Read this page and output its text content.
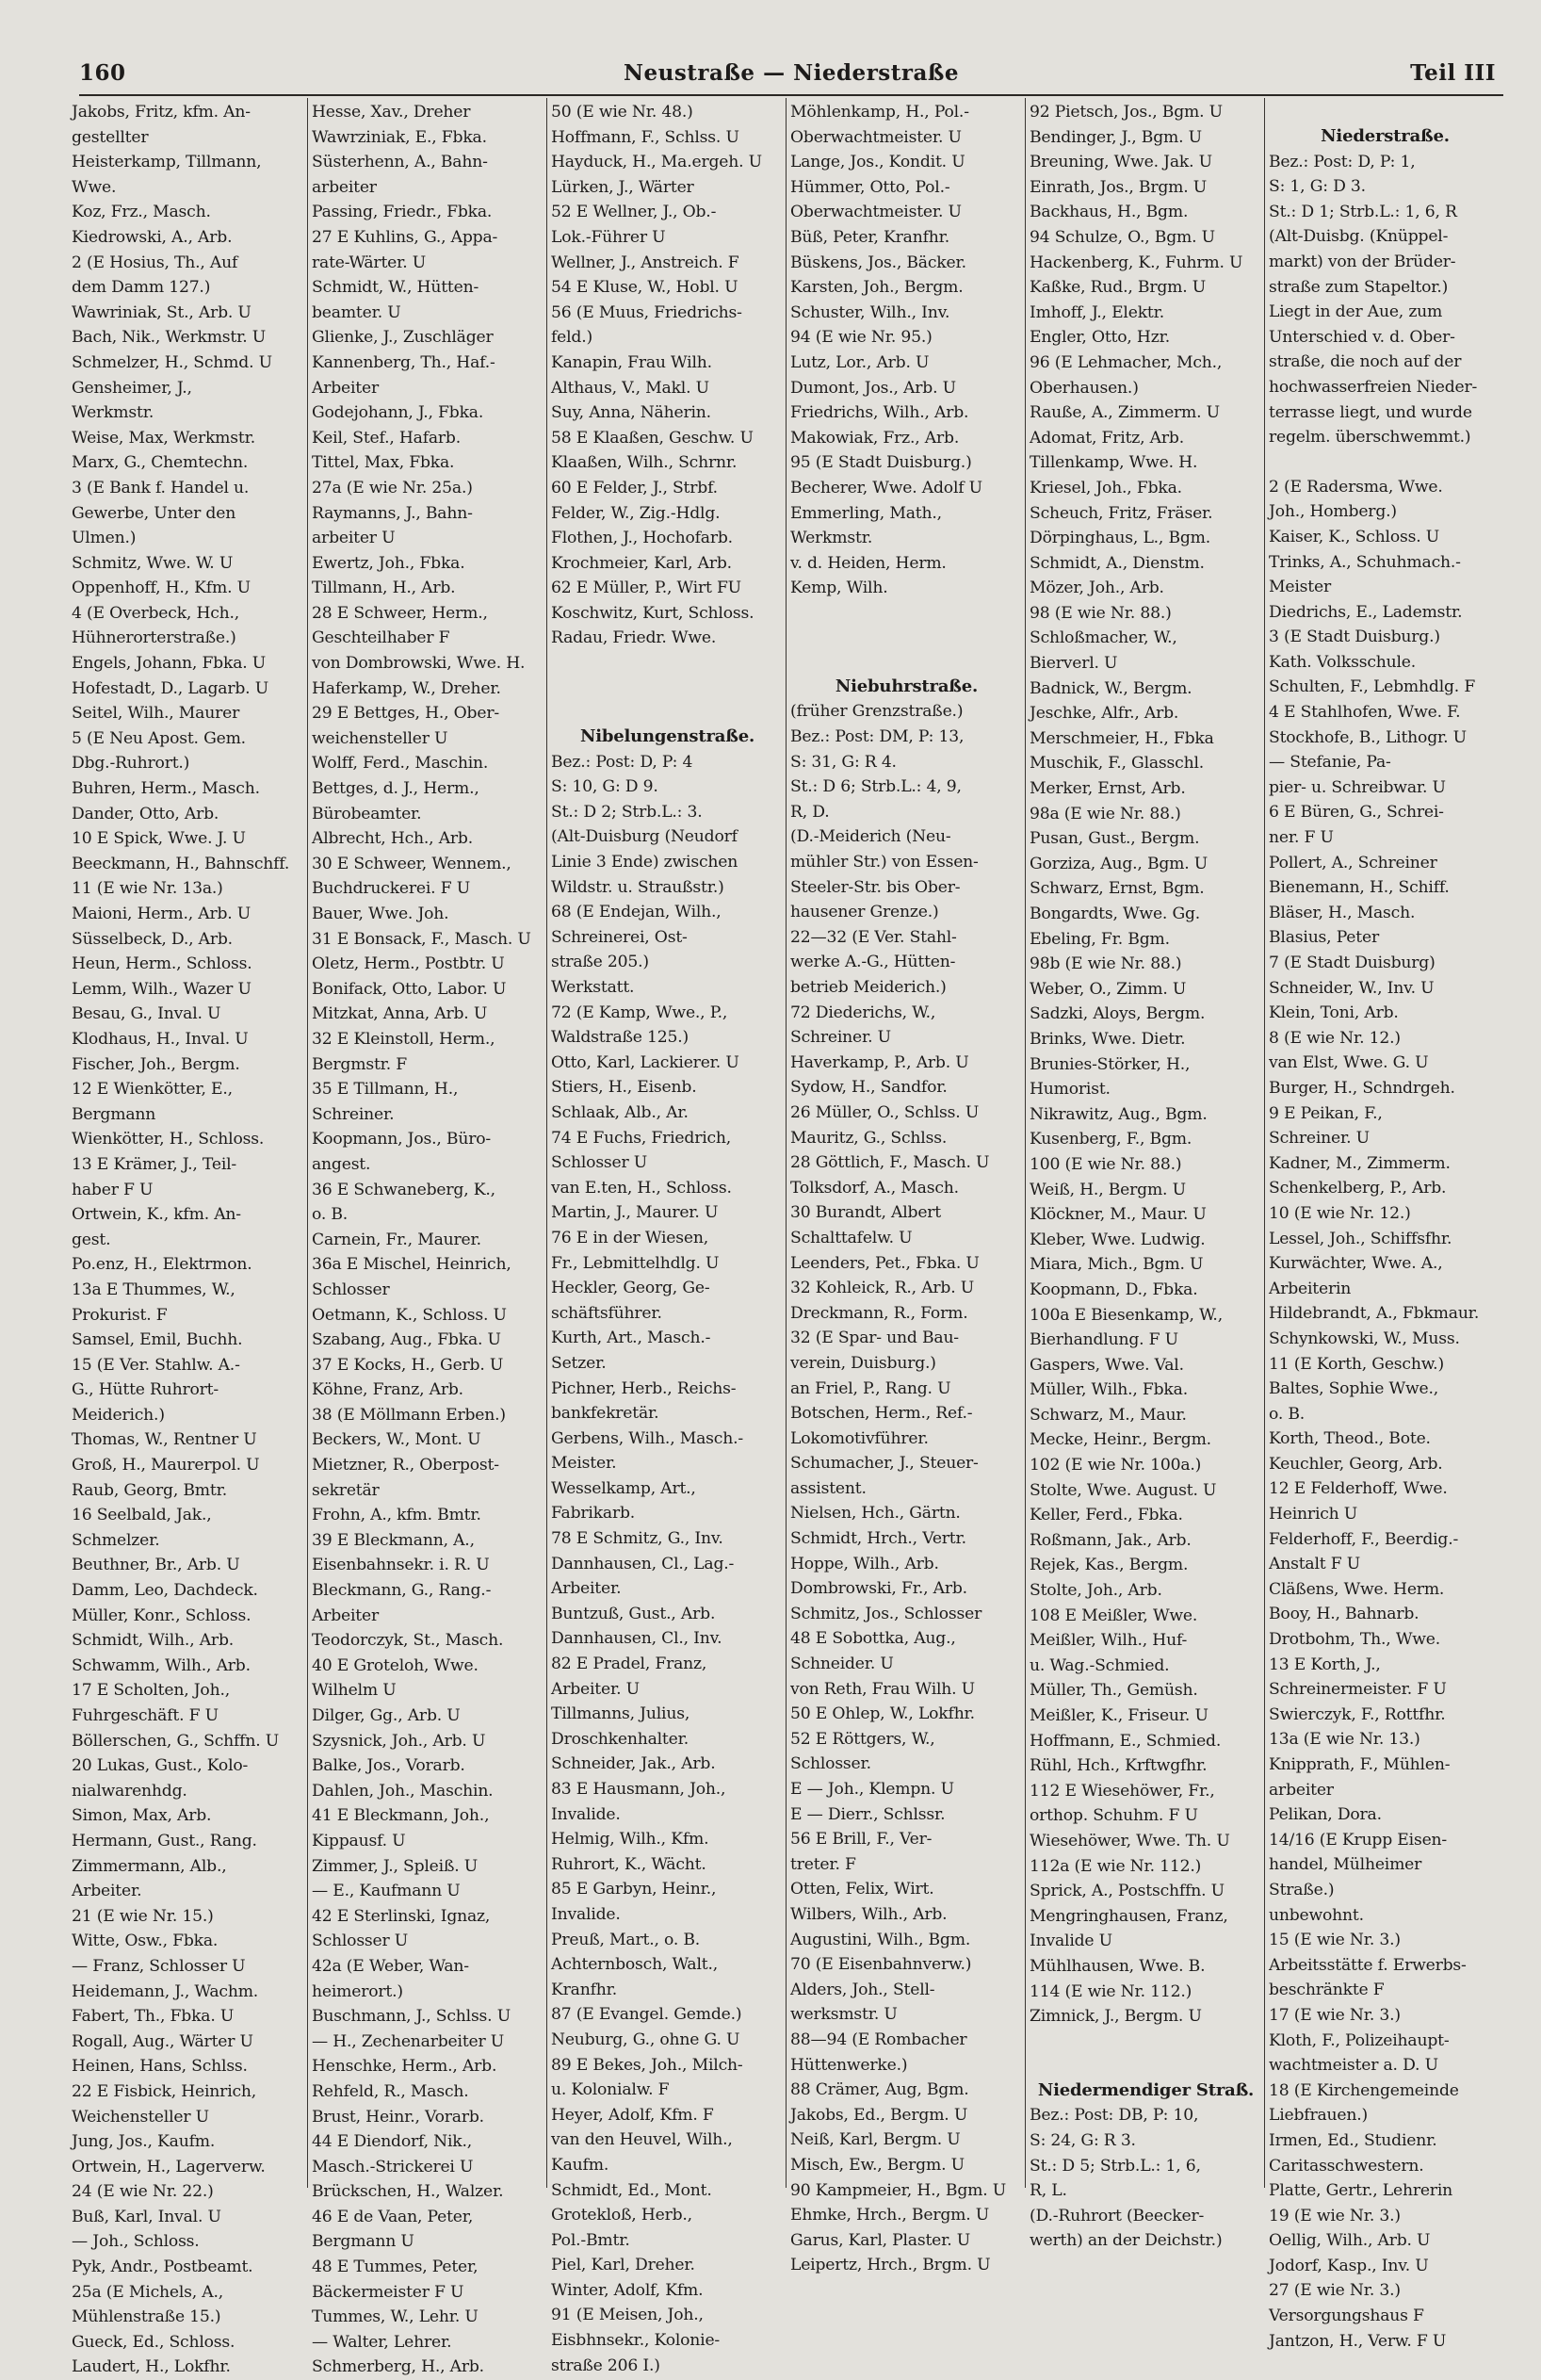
160	Neustraße — Niederstraße	Teil III
Jakobs, Fritz, kfm. An-
gestellter
Heisterkamp, Tillmann,
Wwe.
Koz, Frz., Masch.
Kiedrowski, A., Arb.
2 (E Hosius, Th., Auf
dem Damm 127.)
Wawriniak, St., Arb. U
Bach, Nik., Werkmstr. U
Schmelzer, H., Schmd. U
Gensheimer, J.,
Werkmstr.
Weise, Max, Werkmstr.
Marx, G., Chemtechn.
3 (E Bank f. Handel u.
Gewerbe, Unter den
Ulmen.)
Schmitz, Wwe. W. U
Oppenhoff, H., Kfm. U
4 (E Overbeck, Hch.,
Hühnerorterstraße.)
Engels, Johann, Fbka. U
Hofestadt, D., Lagarb. U
Seitel, Wilh., Maurer
5 (E Neu Apost. Gem.
Dbg.-Ruhrort.)
Buhren, Herm., Masch.
Dander, Otto, Arb.
10 E Spick, Wwe. J. U
Beeckmann, H., Bahnschff.
11 (E wie Nr. 13a.)
Maioni, Herm., Arb. U
Süsselbeck, D., Arb.
Heun, Herm., Schloss.
Lemm, Wilh., Wazer U
Besau, G., Inval. U
Klodhaus, H., Inval. U
Fischer, Joh., Bergm.
12 E Wienkötter, E.,
Bergmann
Wienkötter, H., Schloss.
13 E Krämer, J., Teil-
haber F U
Ortwein, K., kfm. An-
gest.
Po.enz, H., Elektrmon.
13a E Thummes, W.,
Prokurist. F
Samsel, Emil, Buchh.
15 (E Ver. Stahlw. A.-
G., Hütte Ruhrort-
Meiderich.)
Thomas, W., Rentner U
Groß, H., Maurerpol. U
Raub, Georg, Bmtr.
16 Seelbald, Jak.,
Schmelzer.
Beuthner, Br., Arb. U
Damm, Leo, Dachdeck.
Müller, Konr., Schloss.
Schmidt, Wilh., Arb.
Schwamm, Wilh., Arb.
17 E Scholten, Joh.,
Fuhrgeschäft. F U
Böllerschen, G., Schffn. U
20 Lukas, Gust., Kolo-
nialwarenhdg.
Simon, Max, Arb.
Hermann, Gust., Rang.
Zimmermann, Alb.,
Arbeiter.
21 (E wie Nr. 15.)
Witte, Osw., Fbka.
— Franz, Schlosser U
Heidemann, J., Wachm.
Fabert, Th., Fbka. U
Rogall, Aug., Wärter U
Heinen, Hans, Schlss.
22 E Fisbick, Heinrich,
Weichensteller U
Jung, Jos., Kaufm.
Ortwein, H., Lagerverw.
24 (E wie Nr. 22.)
Buß, Karl, Inval. U
— Joh., Schloss.
Pyk, Andr., Postbeamt.
25a (E Michels, A.,
Mühlenstraße 15.)
Gueck, Ed., Schloss.
Laudert, H., Lokfhr.
Hesse, Xav., Dreher
Wawrziniak, E., Fbka.
Süsterhenn, A., Bahn-
arbeiter
Passing, Friedr., Fbka.
27 E Kuhlins, G., Appa-
rate-Wärter. U
Schmidt, W., Hütten-
beamter. U
Glienke, J., Zuschläger
Kannenberg, Th., Haf.-
Arbeiter
Godejohann, J., Fbka.
Keil, Stef., Hafarb.
Tittel, Max, Fbka.
27a (E wie Nr. 25a.)
Raymanns, J., Bahn-
arbeiter U
Ewertz, Joh., Fbka.
Tillmann, H., Arb.
28 E Schweer, Herm.,
Geschteilhaber F
von Dombrowski, Wwe. H.
Haferkamp, W., Dreher.
29 E Bettges, H., Ober-
weichensteller U
Wolff, Ferd., Maschin.
Bettges, d. J., Herm.,
Bürobeamter.
Albrecht, Hch., Arb.
30 E Schweer, Wennem.,
Buchdruckerei. F U
Bauer, Wwe. Joh.
31 E Bonsack, F., Masch. U
Oletz, Herm., Postbtr. U
Bonifack, Otto, Labor. U
Mitzkat, Anna, Arb. U
32 E Kleinstoll, Herm.,
Bergmstr. F
35 E Tillmann, H.,
Schreiner.
Koopmann, Jos., Büro-
angest.
36 E Schwaneberg, K.,
o. B.
Carnein, Fr., Maurer.
36a E Mischel, Heinrich,
Schlosser
Oetmann, K., Schloss. U
Szabang, Aug., Fbka. U
37 E Kocks, H., Gerb. U
Köhne, Franz, Arb.
38 (E Möllmann Erben.)
Beckers, W., Mont. U
Mietzner, R., Oberpost-
sekretär
Frohn, A., kfm. Bmtr.
39 E Bleckmann, A.,
Eisenbahnsekr. i. R. U
Bleckmann, G., Rang.-
Arbeiter
Teodorczyk, St., Masch.
40 E Groteloh, Wwe.
Wilhelm U
Dilger, Gg., Arb. U
Szysnick, Joh., Arb. U
Balke, Jos., Vorarb.
Dahlen, Joh., Maschin.
41 E Bleckmann, Joh.,
Kippausf. U
Zimmer, J., Spleiß. U
— E., Kaufmann U
42 E Sterlinski, Ignaz,
Schlosser U
42a (E Weber, Wan-
heimerort.)
Buschmann, J., Schlss. U
— H., Zechenarbeiter U
Henschke, Herm., Arb.
Rehfeld, R., Masch.
Brust, Heinr., Vorarb.
44 E Diendorf, Nik.,
Masch.-Strickerei U
Brückschen, H., Walzer.
46 E de Vaan, Peter,
Bergmann U
48 E Tummes, Peter,
Bäckermeister F U
Tummes, W., Lehr. U
— Walter, Lehrer.
Schmerberg, H., Arb.
50 (E wie Nr. 48.)
Hoffmann, F., Schlss. U
Hayduck, H., Ma.ergeh. U
Lürken, J., Wärter
52 E Wellner, J., Ob.-
Lok.-Führer U
Wellner, J., Anstreich. F
54 E Kluse, W., Hobl. U
56 (E Muus, Friedrichs-
feld.)
Kanapin, Frau Wilh.
Althaus, V., Makl. U
Suy, Anna, Näherin.
58 E Klaaßen, Geschw. U
Klaaßen, Wilh., Schrnr.
60 E Felder, J., Strbf.
Felder, W., Zig.-Hdlg.
Flothen, J., Hochofarb.
Krochmeier, Karl, Arb.
62 E Müller, P., Wirt FU
Koschwitz, Kurt, Schloss.
Radau, Friedr. Wwe.
Nibelungenstraße.
Bez.: Post: D, P: 4
S: 10, G: D 9.
St.: D 2; Strb.L.: 3.
(Alt-Duisburg (Neudorf
Linie 3 Ende) zwischen
Wildstr. u. Straußstr.)
68 (E Endejan, Wilh.,
Schreinerei, Ost-
straße 205.)
Werkstatt.
72 (E Kamp, Wwe., P.,
Waldstraße 125.)
Otto, Karl, Lackierer. U
Stiers, H., Eisenb.
Schlaak, Alb., Ar.
74 E Fuchs, Friedrich,
Schlosser U
van E.ten, H., Schloss.
Martin, J., Maurer. U
76 E in der Wiesen,
Fr., Lebmittelhdlg. U
Heckler, Georg, Ge-
schäftsführer.
Kurth, Art., Masch.-
Setzer.
Pichner, Herb., Reichs-
bankfekretär.
Gerbens, Wilh., Masch.-
Meister.
Wesselkamp, Art.,
Fabrikarb.
78 E Schmitz, G., Inv.
Dannhausen, Cl., Lag.-
Arbeiter.
Buntzuß, Gust., Arb.
Dannhausen, Cl., Inv.
82 E Pradel, Franz,
Arbeiter. U
Tillmanns, Julius,
Droschkenhalter.
Schneider, Jak., Arb.
83 E Hausmann, Joh.,
Invalide.
Helmig, Wilh., Kfm.
Ruhrort, K., Wächt.
85 E Garbyn, Heinr.,
Invalide.
Preuß, Mart., o. B.
Achternbosch, Walt.,
Kranfhr.
87 (E Evangel. Gemde.)
Neuburg, G., ohne G. U
89 E Bekes, Joh., Milch-
u. Kolonialw. F
Heyer, Adolf, Kfm. F
van den Heuvel, Wilh.,
Kaufm.
Schmidt, Ed., Mont.
Grotekloß, Herb.,
Pol.-Bmtr.
Piel, Karl, Dreher.
Winter, Adolf, Kfm.
91 (E Meisen, Joh.,
Eisbhnsekr., Kolonie-
straße 206 I.)
Möhlenkamp, H., Pol.-
Oberwachtmeister. U
Lange, Jos., Kondit. U
Hümmer, Otto, Pol.-
Oberwachtmeister. U
Büß, Peter, Kranfhr.
Büskens, Jos., Bäcker.
Karsten, Joh., Bergm.
Schuster, Wilh., Inv.
94 (E wie Nr. 95.)
Lutz, Lor., Arb. U
Dumont, Jos., Arb. U
Friedrichs, Wilh., Arb.
Makowiak, Frz., Arb.
95 (E Stadt Duisburg.)
Becherer, Wwe. Adolf U
Emmerling, Math.,
Werkmstr.
v. d. Heiden, Herm.
Kemp, Wilh.
Niebuhrstraße.
(früher Grenzstraße.)
Bez.: Post: DM, P: 13,
S: 31, G: R 4.
St.: D 6; Strb.L.: 4, 9,
R, D.
(D.-Meiderich (Neu-
mühler Str.) von Essen-
Steeler-Str. bis Ober-
hausener Grenze.)
22—32 (E Ver. Stahl-
werke A.-G., Hütten-
betrieb Meiderich.)
72 Diederichs, W.,
Schreiner. U
Haverkamp, P., Arb. U
Sydow, H., Sandfor.
26 Müller, O., Schlss. U
Mauritz, G., Schlss.
28 Göttlich, F., Masch. U
Tolksdorf, A., Masch.
30 Burandt, Albert
Schalttafelw. U
Leenders, Pet., Fbka. U
32 Kohleick, R., Arb. U
Dreckmann, R., Form.
32 (E Spar- und Bau-
verein, Duisburg.)
an Friel, P., Rang. U
Botschen, Herm., Ref.-
Lokomotivführer.
Schumacher, J., Steuer-
assistent.
Nielsen, Hch., Gärtn.
Schmidt, Hrch., Vertr.
Hoppe, Wilh., Arb.
Dombrowski, Fr., Arb.
Schmitz, Jos., Schlosser
48 E Sobottka, Aug.,
Schneider. U
von Reth, Frau Wilh. U
50 E Ohlep, W., Lokfhr.
52 E Röttgers, W.,
Schlosser.
E — Joh., Klempn. U
E — Dierr., Schlssr.
56 E Brill, F., Ver-
treter. F
Otten, Felix, Wirt.
Wilbers, Wilh., Arb.
Augustini, Wilh., Bgm.
70 (E Eisenbahnverw.)
Alders, Joh., Stell-
werksmstr. U
88—94 (E Rombacher
Hüttenwerke.)
88 Crämer, Aug, Bgm.
Jakobs, Ed., Bergm. U
Neiß, Karl, Bergm. U
Misch, Ew., Bergm. U
90 Kampmeier, H., Bgm. U
Ehmke, Hrch., Bergm. U
Garus, Karl, Plaster. U
Leipertz, Hrch., Brgm. U
92 Pietsch, Jos., Bgm. U
Bendinger, J., Bgm. U
Breuning, Wwe. Jak. U
Einrath, Jos., Brgm. U
Backhaus, H., Bgm.
94 Schulze, O., Bgm. U
Hackenberg, K., Fuhrm. U
Kaßke, Rud., Brgm. U
Imhoff, J., Elektr.
Engler, Otto, Hzr.
96 (E Lehmacher, Mch.,
Oberhausen.)
Rauße, A., Zimmerm. U
Adomat, Fritz, Arb.
Tillenkamp, Wwe. H.
Kriesel, Joh., Fbka.
Scheuch, Fritz, Fräser.
Dörpinghaus, L., Bgm.
Schmidt, A., Dienstm.
Mözer, Joh., Arb.
98 (E wie Nr. 88.)
Schloßmacher, W.,
Bierverl. U
Badnick, W., Bergm.
Jeschke, Alfr., Arb.
Merschmeier, H., Fbka
Muschik, F., Glasschl.
Merker, Ernst, Arb.
98a (E wie Nr. 88.)
Pusan, Gust., Bergm.
Gorziza, Aug., Bgm. U
Schwarz, Ernst, Bgm.
Bongardts, Wwe. Gg.
Ebeling, Fr. Bgm.
98b (E wie Nr. 88.)
Weber, O., Zimm. U
Sadzki, Aloys, Bergm.
Brinks, Wwe. Dietr.
Brunies-Störker, H.,
Humorist.
Nikrawitz, Aug., Bgm.
Kusenberg, F., Bgm.
100 (E wie Nr. 88.)
Weiß, H., Bergm. U
Klöckner, M., Maur. U
Kleber, Wwe. Ludwig.
Miara, Mich., Bgm. U
Koopmann, D., Fbka.
100a E Biesenkamp, W.,
Bierhandlung. F U
Gaspers, Wwe. Val.
Müller, Wilh., Fbka.
Schwarz, M., Maur.
Mecke, Heinr., Bergm.
102 (E wie Nr. 100a.)
Stolte, Wwe. August. U
Keller, Ferd., Fbka.
Roßmann, Jak., Arb.
Rejek, Kas., Bergm.
Stolte, Joh., Arb.
108 E Meißler, Wwe.
Meißler, Wilh., Huf-
u. Wag.-Schmied.
Müller, Th., Gemüsh.
Meißler, K., Friseur. U
Hoffmann, E., Schmied.
Rühl, Hch., Krftwgfhr.
112 E Wiesehöwer, Fr.,
orthop. Schuhm. F U
Wiesehöwer, Wwe. Th. U
112a (E wie Nr. 112.)
Sprick, A., Postschffn. U
Mengringhausen, Franz,
Invalide U
Mühlhausen, Wwe. B.
114 (E wie Nr. 112.)
Zimnick, J., Bergm. U
Niedermendiger Straß.
Bez.: Post: DB, P: 10,
S: 24, G: R 3.
St.: D 5; Strb.L.: 1, 6,
R, L.
(D.-Ruhrort (Beecker-
werth) an der Deichstr.)
Niederstraße.
Bez.: Post: D, P: 1,
S: 1, G: D 3.
St.: D 1; Strb.L.: 1, 6, R
(Alt-Duisbg. (Knüppel-
markt) von der Brüder-
straße zum Stapeltor.)
Liegt in der Aue, zum
Unterschied v. d. Ober-
straße, die noch auf der
hochwasserfreien Nieder-
terrasse liegt, und wurde
regelm. überschwemmt.)
2 (E Radersma, Wwe.
Joh., Homberg.)
Kaiser, K., Schloss. U
Trinks, A., Schuhmach.-
Meister
Diedrichs, E., Lademstr.
3 (E Stadt Duisburg.)
Kath. Volksschule.
Schulten, F., Lebmhdlg. F
4 E Stahlhofen, Wwe. F.
Stockhofe, B., Lithogr. U
— Stefanie, Pa-
pier- u. Schreibwar. U
6 E Büren, G., Schrei-
ner. F U
Pollert, A., Schreiner
Bienemann, H., Schiff.
Bläser, H., Masch.
Blasius, Peter
7 (E Stadt Duisburg)
Schneider, W., Inv. U
Klein, Toni, Arb.
8 (E wie Nr. 12.)
van Elst, Wwe. G. U
Burger, H., Schndrgeh.
9 E Peikan, F.,
Schreiner. U
Kadner, M., Zimmerm.
Schenkelberg, P., Arb.
10 (E wie Nr. 12.)
Lessel, Joh., Schiffsfhr.
Kurwächter, Wwe. A.,
Arbeiterin
Hildebrandt, A., Fbkmaur.
Schynkowski, W., Muss.
11 (E Korth, Geschw.)
Baltes, Sophie Wwe.,
o. B.
Korth, Theod., Bote.
Keuchler, Georg, Arb.
12 E Felderhoff, Wwe.
Heinrich U
Felderhoff, F., Beerdig.-
Anstalt F U
Cläßens, Wwe. Herm.
Booy, H., Bahnarb.
Drotbohm, Th., Wwe.
13 E Korth, J.,
Schreinermeister. F U
Swierczyk, F., Rottfhr.
13a (E wie Nr. 13.)
Knipprath, F., Mühlen-
arbeiter
Pelikan, Dora.
14/16 (E Krupp Eisen-
handel, Mülheimer
Straße.)
unbewohnt.
15 (E wie Nr. 3.)
Arbeitsstätte f. Erwerbs-
beschränkte F
17 (E wie Nr. 3.)
Kloth, F., Polizeihaupt-
wachtmeister a. D. U
18 (E Kirchengemeinde
Liebfrauen.)
Irmen, Ed., Studienr.
Caritasschwestern.
Platte, Gertr., Lehrerin
19 (E wie Nr. 3.)
Oellig, Wilh., Arb. U
Jodorf, Kasp., Inv. U
27 (E wie Nr. 3.)
Versorgungshaus F
Jantzon, H., Verw. F U
